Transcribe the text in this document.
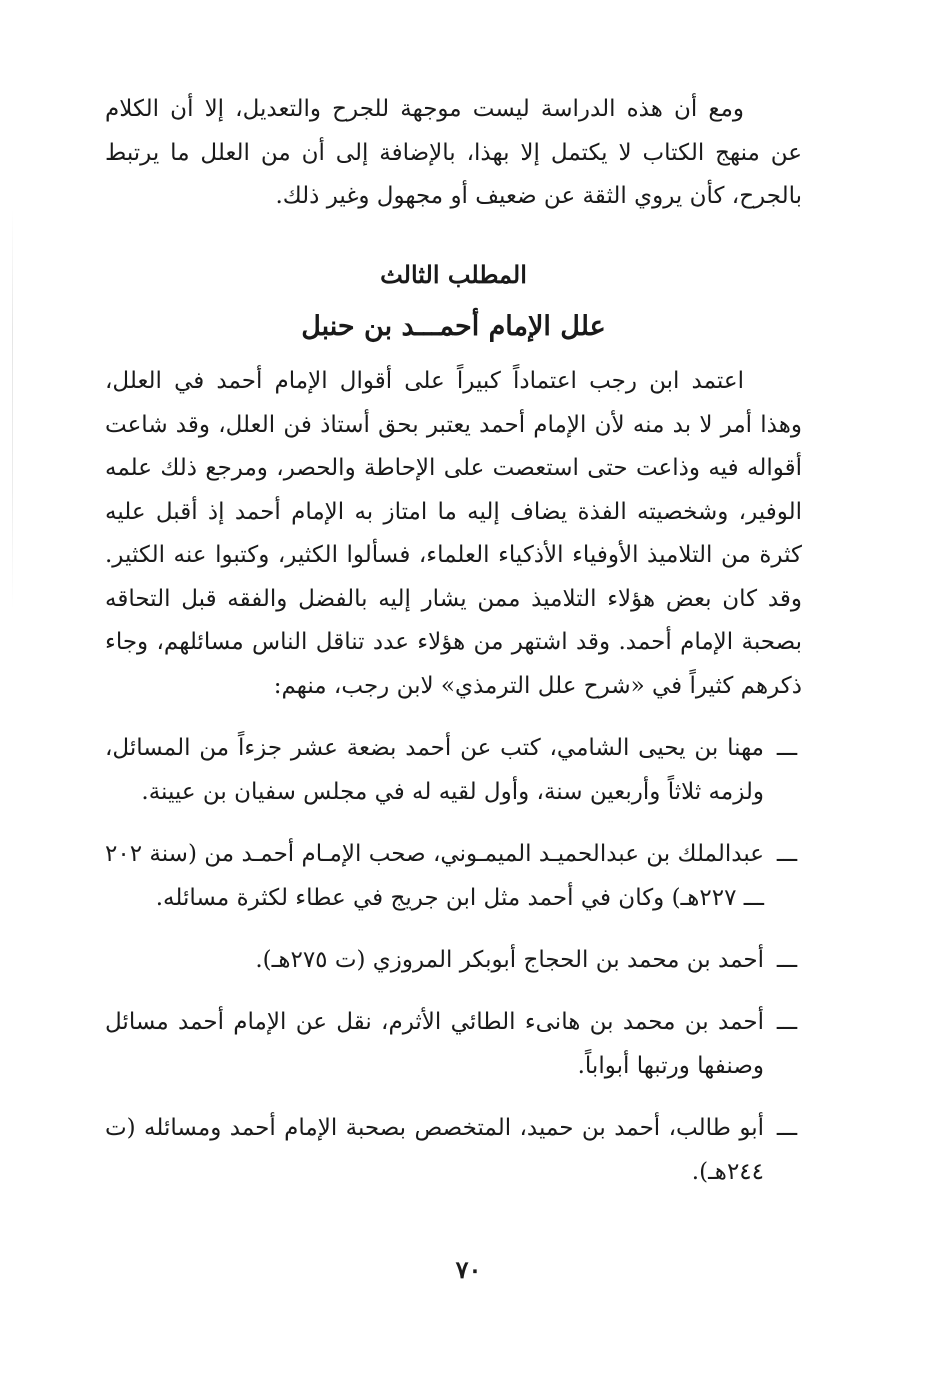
ومع أن هذه الدراسة ليست موجهة للجرح والتعديل، إلا أن الكلام عن منهج الكتاب لا يكتمل إلا بهذا، بالإضافة إلى أن من العلل ما يرتبط بالجرح، كأن يروي الثقة عن ضعيف أو مجهول وغير ذلك.

المطلب الثالث
علل الإمام أحمـــد بن حنبل

اعتمد ابن رجب اعتماداً كبيراً على أقوال الإمام أحمد في العلل، وهذا أمر لا بد منه لأن الإمام أحمد يعتبر بحق أستاذ فن العلل، وقد شاعت أقواله فيه وذاعت حتى استعصت على الإحاطة والحصر، ومرجع ذلك علمه الوفير، وشخصيته الفذة يضاف إليه ما امتاز به الإمام أحمد إذ أقبل عليه كثرة من التلاميذ الأوفياء الأذكياء العلماء، فسألوا الكثير، وكتبوا عنه الكثير. وقد كان بعض هؤلاء التلاميذ ممن يشار إليه بالفضل والفقه قبل التحاقه بصحبة الإمام أحمد. وقد اشتهر من هؤلاء عدد تناقل الناس مسائلهم، وجاء ذكرهم كثيراً في «شرح علل الترمذي» لابن رجب، منهم:

ـــ
مهنا بن يحيى الشامي، كتب عن أحمد بضعة عشر جزءاً من المسائل، ولزمه ثلاثاً وأربعين سنة، وأول لقيه له في مجلس سفيان بن عيينة.
ـــ
عبدالملك بن عبدالحميـد الميمـوني، صحب الإمـام أحمـد من (سنة ٢٠٢ ـــ ٢٢٧هـ) وكان في أحمد مثل ابن جريج في عطاء لكثرة مسائله.
ـــ
أحمد بن محمد بن الحجاج أبوبكر المروزي (ت ٢٧٥هـ).
ـــ
أحمد بن محمد بن هانىء الطائي الأثرم، نقل عن الإمام أحمد مسائل وصنفها ورتبها أبواباً.
ـــ
أبو طالب، أحمد بن حميد، المتخصص بصحبة الإمام أحمد ومسائله (ت ٢٤٤هـ).
٧٠
